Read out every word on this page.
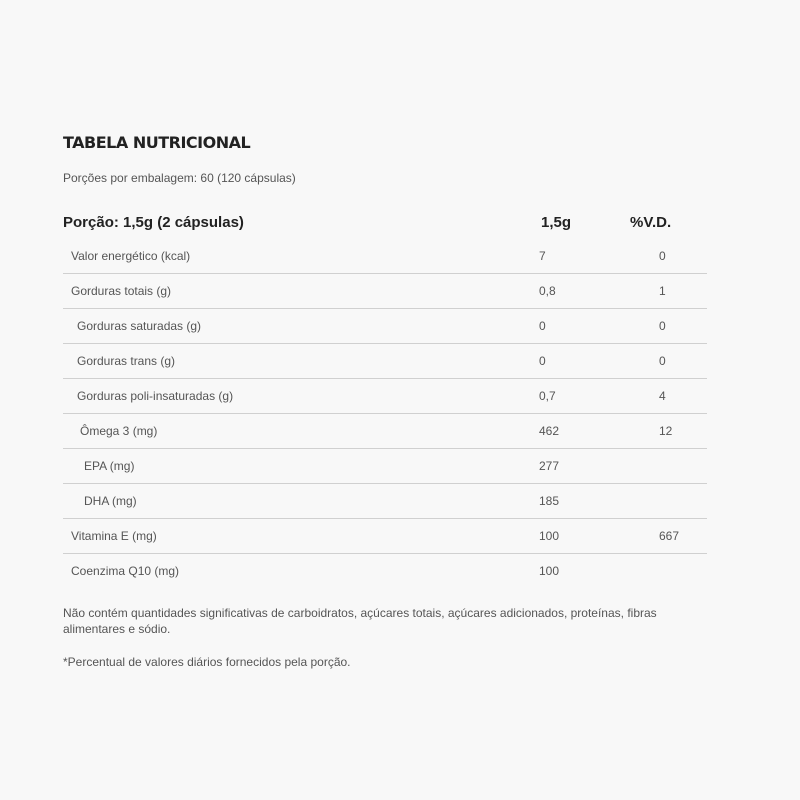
TABELA NUTRICIONAL
Porções por embalagem: 60 (120 cápsulas)
Porção: 1,5g (2 cápsulas)	1,5g	%V.D.
Valor energético (kcal)	7	0
Gorduras totais (g)	0,8	1
Gorduras saturadas (g)	0	0
Gorduras trans (g)	0	0
Gorduras poli-insaturadas (g)	0,7	4
Ômega 3 (mg)	462	12
EPA (mg)	277
DHA (mg)	185
Vitamina E (mg)	100	667
Coenzima Q10 (mg)	100
Não contém quantidades significativas de carboidratos, açúcares totais, açúcares adicionados, proteínas, fibras alimentares e sódio.
*Percentual de valores diários fornecidos pela porção.
